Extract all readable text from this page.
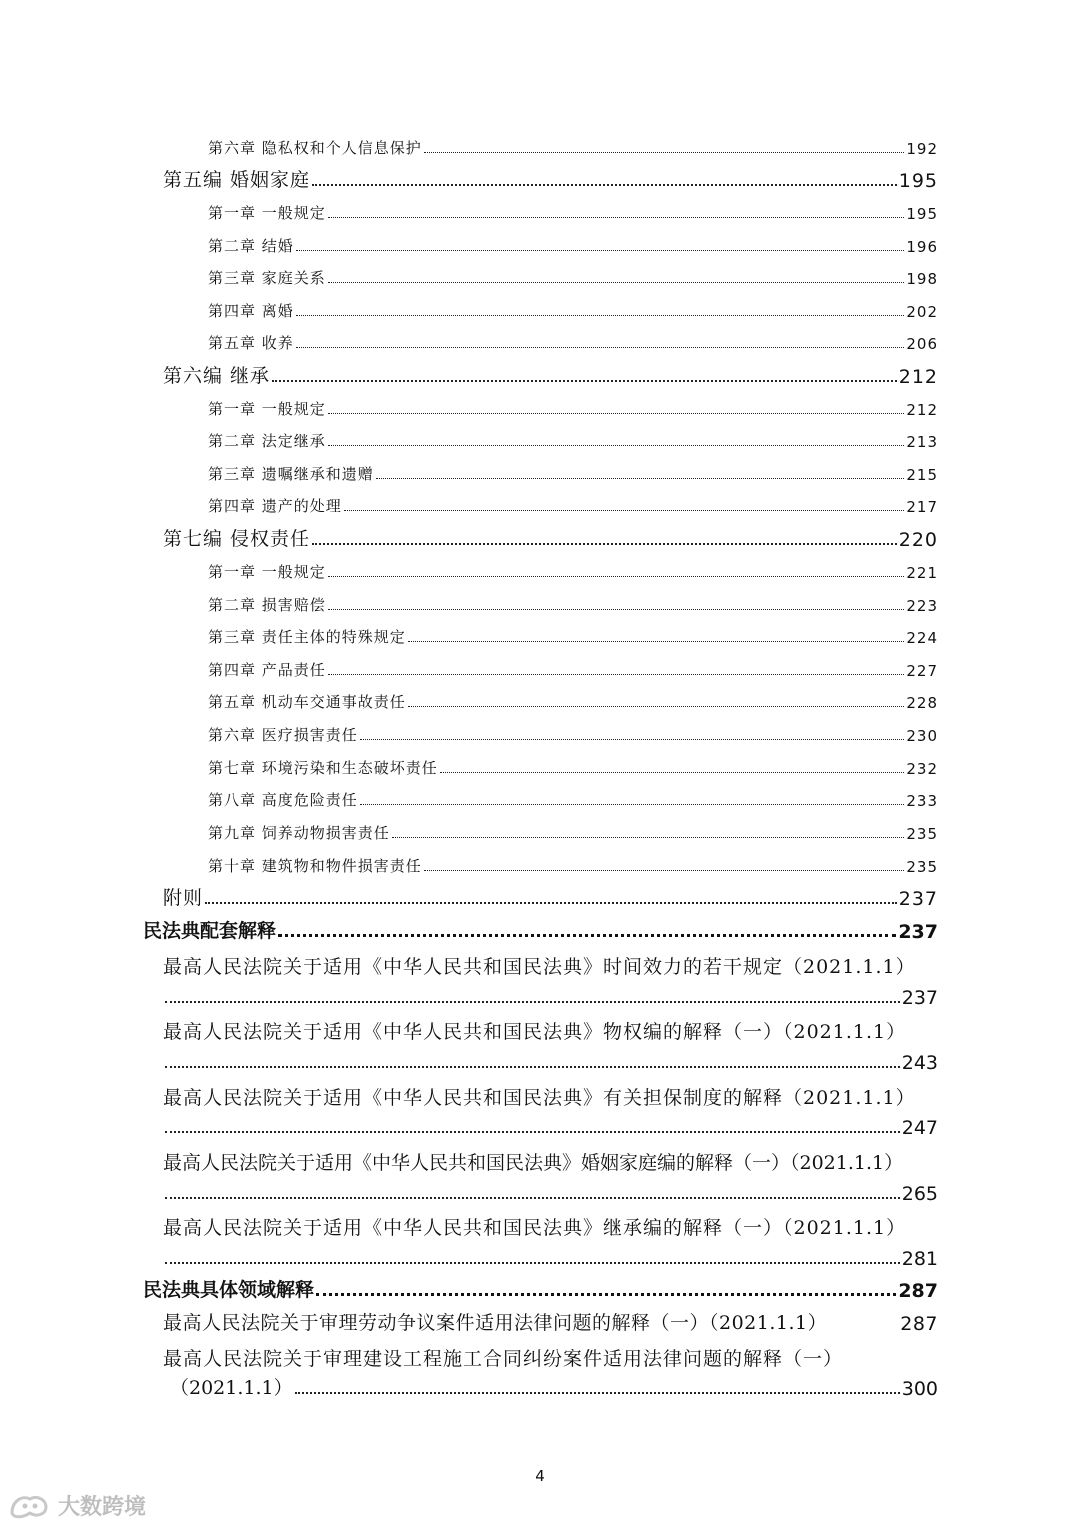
第六章 隐私权和个人信息保护	192
第五编 婚姻家庭	195
第一章 一般规定	195
第二章 结婚	196
第三章 家庭关系	198
第四章 离婚	202
第五章 收养	206
第六编 继承	212
第一章 一般规定	212
第二章 法定继承	213
第三章 遗嘱继承和遗赠	215
第四章 遗产的处理	217
第七编 侵权责任	220
第一章 一般规定	221
第二章 损害赔偿	223
第三章 责任主体的特殊规定	224
第四章 产品责任	227
第五章 机动车交通事故责任	228
第六章 医疗损害责任	230
第七章 环境污染和生态破坏责任	232
第八章 高度危险责任	233
第九章 饲养动物损害责任	235
第十章 建筑物和物件损害责任	235
附则	237
民法典配套解释	237
最高人民法院关于适用《中华人民共和国民法典》时间效力的若干规定（2021.1.1）
237
最高人民法院关于适用《中华人民共和国民法典》物权编的解释（一）（2021.1.1）
243
最高人民法院关于适用《中华人民共和国民法典》有关担保制度的解释（2021.1.1）
247
最高人民法院关于适用《中华人民共和国民法典》婚姻家庭编的解释（一）（2021.1.1）
265
最高人民法院关于适用《中华人民共和国民法典》继承编的解释（一）（2021.1.1）
281
民法典具体领域解释	287
最高人民法院关于审理劳动争议案件适用法律问题的解释（一）（2021.1.1）	287
最高人民法院关于审理建设工程施工合同纠纷案件适用法律问题的解释（一）
（2021.1.1）	300
4
大数跨境
